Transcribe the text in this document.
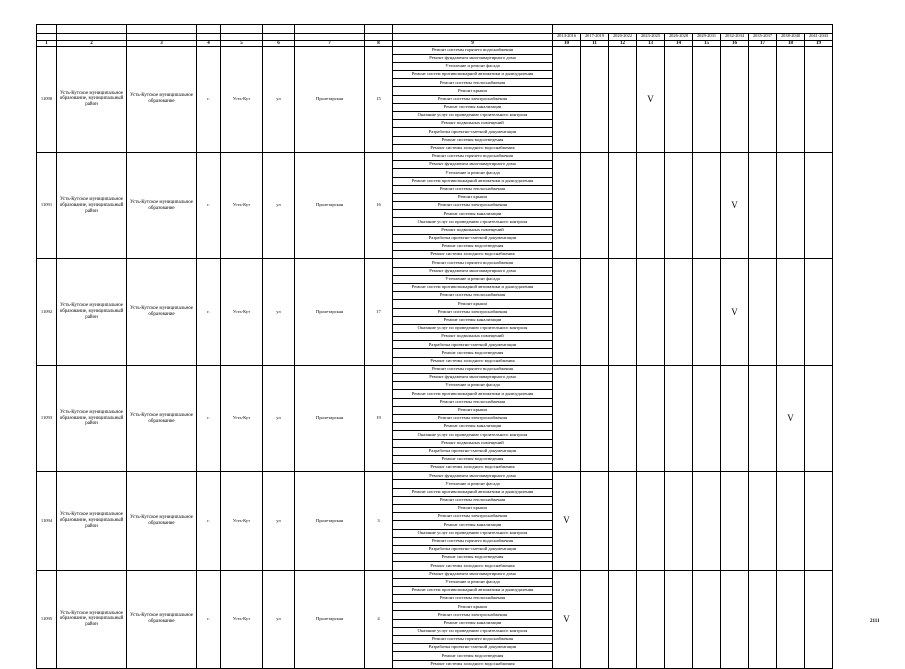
									2014-2016	2017-2019	2020-2022	2023-2025	2026-2028	2029-2031	2032-2034	2035-2037	2038-2040	2041-2043
1	2	3	4	5	6	7	8	9	10	11	12	13	14	15	16	17	18	19
11090	Усть-Кутское муниципальное образование, муниципальный район	Усть-Кутское муниципальное образование	г.	Усть-Кут	ул	Пролетарская	15	Ремонт системы горячего водоснабжения				V						
								Ремонт фундамента многоквартирного дома										
								Утепление и ремонт фасада										
								Ремонт систем противопожарной автоматики и дымоудаления										
								Ремонт системы теплоснабжения										
								Ремонт крыши										
								Ремонт системы электроснабжения										
								Ремонт системы канализации										
								Оказание услуг по проведению строительного контроля										
								Ремонт подвальных помещений										
								Разработка проектно-сметной документации										
								Ремонт системы водоотведения										
								Ремонт системы холодного водоснабжения										
11091	Усть-Кутское муниципальное образование, муниципальный район	Усть-Кутское муниципальное образование	г.	Усть-Кут	ул	Пролетарская	16	Ремонт системы горячего водоснабжения							V			
								Ремонт фундамента многоквартирного дома										
								Утепление и ремонт фасада										
								Ремонт систем противопожарной автоматики и дымоудаления										
								Ремонт системы теплоснабжения										
								Ремонт крыши										
								Ремонт системы электроснабжения										
								Ремонт системы канализации										
								Оказание услуг по проведению строительного контроля										
								Ремонт подвальных помещений										
								Разработка проектно-сметной документации										
								Ремонт системы водоотведения										
								Ремонт системы холодного водоснабжения										
11092	Усть-Кутское муниципальное образование, муниципальный район	Усть-Кутское муниципальное образование	г.	Усть-Кут	ул	Пролетарская	17	Ремонт системы горячего водоснабжения							V			
								Ремонт фундамента многоквартирного дома										
								Утепление и ремонт фасада										
								Ремонт систем противопожарной автоматики и дымоудаления										
								Ремонт системы теплоснабжения										
								Ремонт крыши										
								Ремонт системы электроснабжения										
								Ремонт системы канализации										
								Оказание услуг по проведению строительного контроля										
								Ремонт подвальных помещений										
								Разработка проектно-сметной документации										
								Ремонт системы водоотведения										
								Ремонт системы холодного водоснабжения										
11093	Усть-Кутское муниципальное образование, муниципальный район	Усть-Кутское муниципальное образование	г.	Усть-Кут	ул	Пролетарская	19	Ремонт системы горячего водоснабжения									V	
								Ремонт фундамента многоквартирного дома										
								Утепление и ремонт фасада										
								Ремонт систем противопожарной автоматики и дымоудаления										
								Ремонт системы теплоснабжения										
								Ремонт крыши										
								Ремонт системы электроснабжения										
								Ремонт системы канализации										
								Оказание услуг по проведению строительного контроля										
								Ремонт подвальных помещений										
								Разработка проектно-сметной документации										
								Ремонт системы водоотведения										
								Ремонт системы холодного водоснабжения										
11094	Усть-Кутское муниципальное образование, муниципальный район	Усть-Кутское муниципальное образование	г.	Усть-Кут	ул	Пролетарская	3	Ремонт фундамента многоквартирного дома	V									
								Утепление и ремонт фасада										
								Ремонт систем противопожарной автоматики и дымоудаления										
								Ремонт системы теплоснабжения										
								Ремонт крыши										
								Ремонт системы электроснабжения										
								Ремонт системы канализации										
								Оказание услуг по проведению строительного контроля										
								Ремонт системы горячего водоснабжения										
								Разработка проектно-сметной документации										
								Ремонт системы водоотведения										
								Ремонт системы холодного водоснабжения										
11095	Усть-Кутское муниципальное образование, муниципальный район	Усть-Кутское муниципальное образование	г.	Усть-Кут	ул	Пролетарская	4	Ремонт фундамента многоквартирного дома	V									
								Утепление и ремонт фасада										
								Ремонт систем противопожарной автоматики и дымоудаления										
								Ремонт системы теплоснабжения										
								Ремонт крыши										
								Ремонт системы электроснабжения										
								Ремонт системы канализации										
								Оказание услуг по проведению строительного контроля										
								Ремонт системы горячего водоснабжения										
								Разработка проектно-сметной документации										
								Ремонт системы водоотведения										
								Ремонт системы холодного водоснабжения										
2111
